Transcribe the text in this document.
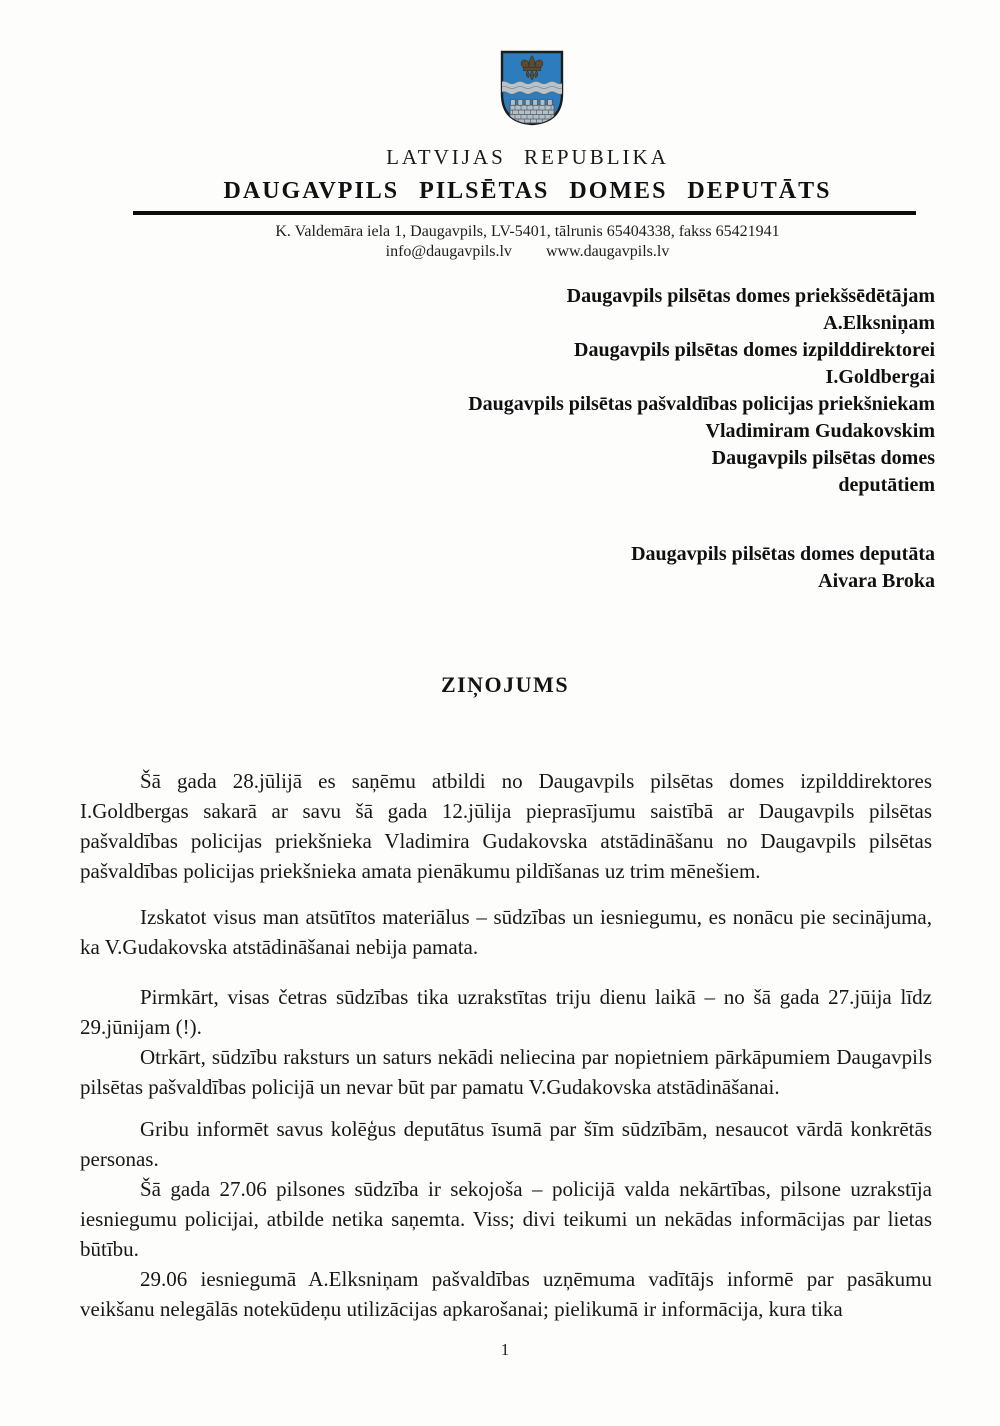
LATVIJAS REPUBLIKA
DAUGAVPILS PILSĒTAS DOMES DEPUTĀTS
K. Valdemāra iela 1, Daugavpils, LV-5401, tālrunis 65404338, fakss 65421941
info@daugavpils.lv www.daugavpils.lv
Daugavpils pilsētas domes priekšsēdētājam
A.Elksniņam
Daugavpils pilsētas domes izpilddirektorei
I.Goldbergai
Daugavpils pilsētas pašvaldības policijas priekšniekam
Vladimiram Gudakovskim
Daugavpils pilsētas domes
deputātiem
Daugavpils pilsētas domes deputāta
Aivara Broka
ZIŅOJUMS

Šā gada 28.jūlijā es saņēmu atbildi no Daugavpils pilsētas domes izpilddirektores I.Goldbergas sakarā ar savu šā gada 12.jūlija pieprasījumu saistībā ar Daugavpils pilsētas pašvaldības policijas priekšnieka Vladimira Gudakovska atstādināšanu no Daugavpils pilsētas pašvaldības policijas priekšnieka amata pienākumu pildīšanas uz trim mēnešiem.

Izskatot visus man atsūtītos materiālus – sūdzības un iesniegumu, es nonācu pie secinājuma, ka V.Gudakovska atstādināšanai nebija pamata.

Pirmkārt, visas četras sūdzības tika uzrakstītas triju dienu laikā – no šā gada 27.jūija līdz 29.jūnijam (!).

Otrkārt, sūdzību raksturs un saturs nekādi neliecina par nopietniem pārkāpumiem Daugavpils pilsētas pašvaldības policijā un nevar būt par pamatu V.Gudakovska atstādināšanai.

Gribu informēt savus kolēģus deputātus īsumā par šīm sūdzībām, nesaucot vārdā konkrētās personas.

Šā gada 27.06 pilsones sūdzība ir sekojoša – policijā valda nekārtības, pilsone uzrakstīja iesniegumu policijai, atbilde netika saņemta. Viss; divi teikumi un nekādas informācijas par lietas būtību.

29.06 iesniegumā A.Elksniņam pašvaldības uzņēmuma vadītājs informē par pasākumu veikšanu nelegālās notekūdeņu utilizācijas apkarošanai; pielikumā ir informācija, kura tika

1
